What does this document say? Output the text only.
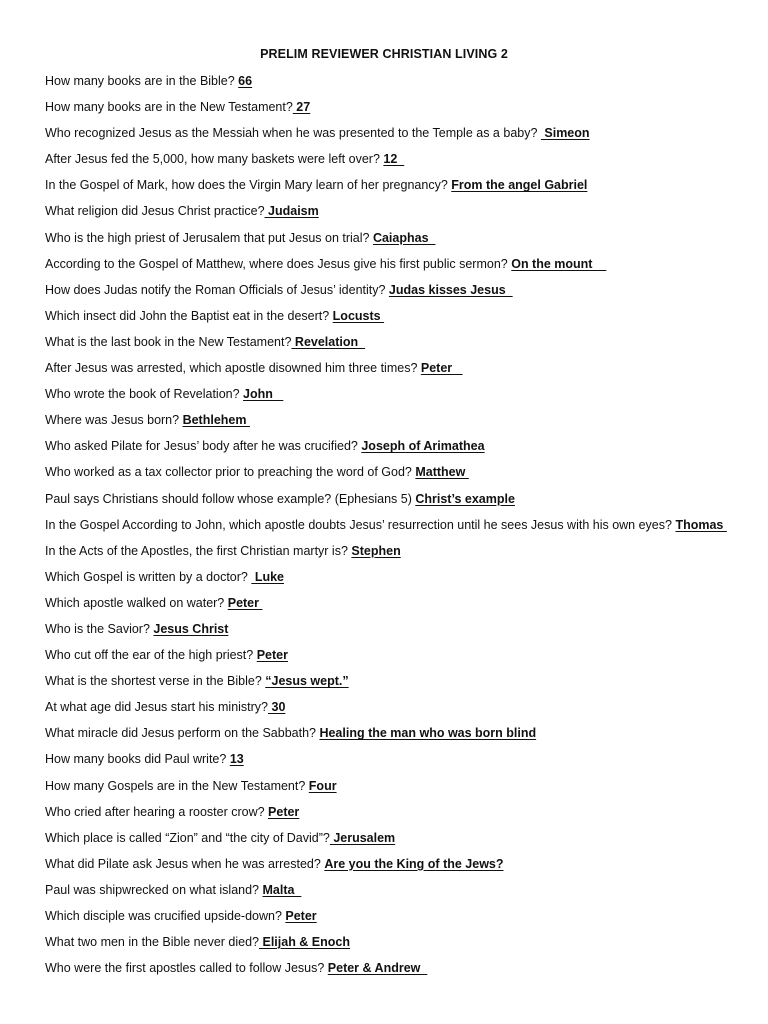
PRELIM REVIEWER CHRISTIAN LIVING 2
How many books are in the Bible? 66
How many books are in the New Testament? 27
Who recognized Jesus as the Messiah when he was presented to the Temple as a baby?  Simeon
After Jesus fed the 5,000, how many baskets were left over? 12
In the Gospel of Mark, how does the Virgin Mary learn of her pregnancy? From the angel Gabriel
What religion did Jesus Christ practice? Judaism
Who is the high priest of Jerusalem that put Jesus on trial? Caiaphas
According to the Gospel of Matthew, where does Jesus give his first public sermon? On the mount
How does Judas notify the Roman Officials of Jesus’ identity? Judas kisses Jesus
Which insect did John the Baptist eat in the desert? Locusts
What is the last book in the New Testament? Revelation
After Jesus was arrested, which apostle disowned him three times? Peter
Who wrote the book of Revelation? John
Where was Jesus born? Bethlehem
Who asked Pilate for Jesus’ body after he was crucified? Joseph of Arimathea
Who worked as a tax collector prior to preaching the word of God? Matthew
Paul says Christians should follow whose example? (Ephesians 5) Christ’s example
In the Gospel According to John, which apostle doubts Jesus’ resurrection until he sees Jesus with his own eyes? Thomas
In the Acts of the Apostles, the first Christian martyr is? Stephen
Which Gospel is written by a doctor?  Luke
Which apostle walked on water? Peter
Who is the Savior? Jesus Christ
Who cut off the ear of the high priest? Peter
What is the shortest verse in the Bible? “Jesus wept.”
At what age did Jesus start his ministry? 30
What miracle did Jesus perform on the Sabbath? Healing the man who was born blind
How many books did Paul write? 13
How many Gospels are in the New Testament? Four
Who cried after hearing a rooster crow? Peter
Which place is called “Zion” and “the city of David”? Jerusalem
What did Pilate ask Jesus when he was arrested? Are you the King of the Jews?
Paul was shipwrecked on what island? Malta
Which disciple was crucified upside-down? Peter
What two men in the Bible never died? Elijah & Enoch
Who were the first apostles called to follow Jesus? Peter & Andrew
